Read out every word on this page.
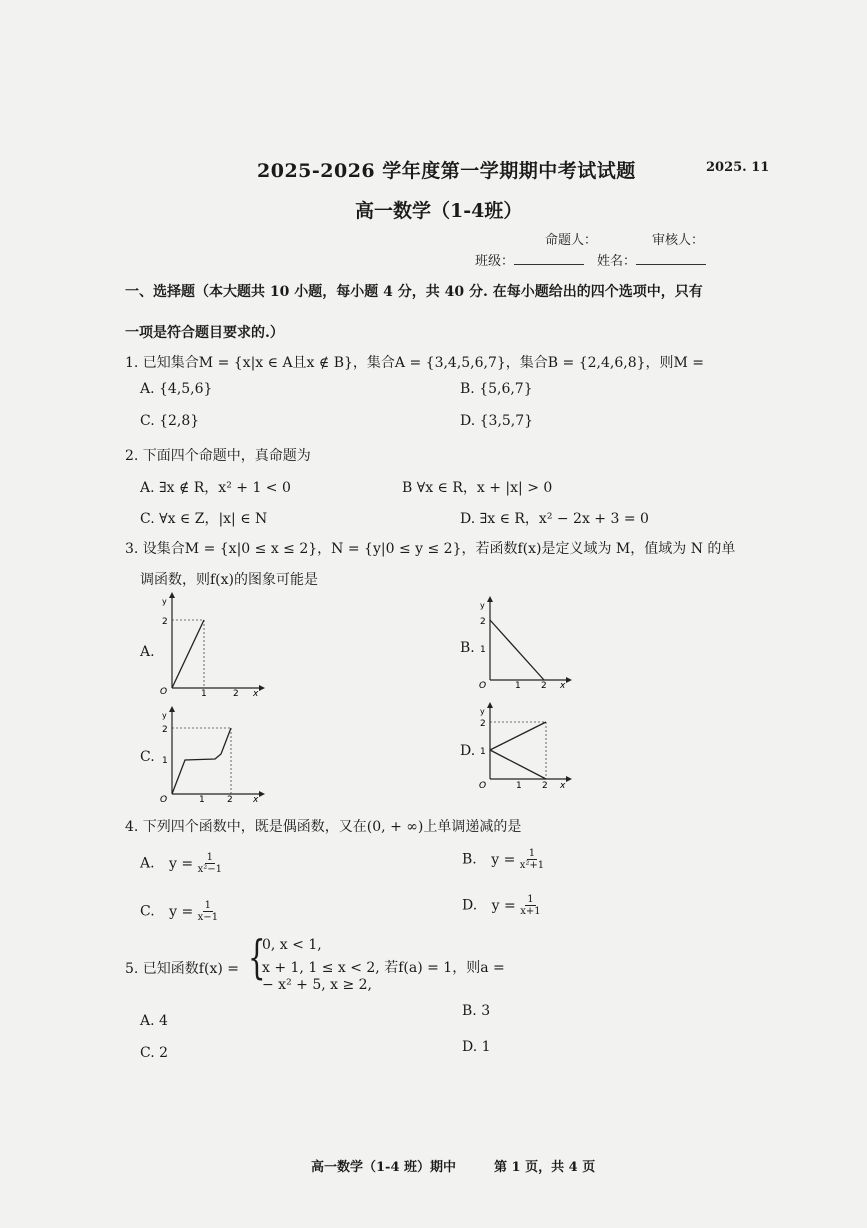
2025-2026 学年度第一学期期中考试试题	2025. 11
高一数学（1-4班）
命题人：	审核人：
班级：	姓名：
一、选择题（本大题共 10 小题，每小题 4 分，共 40 分. 在每小题给出的四个选项中，只有
一项是符合题目要求的.）
1. 已知集合M = {x|x ∈ A且x ∉ B}，集合A = {3,4,5,6,7}，集合B = {2,4,6,8}，则M =
A. {4,5,6}	B. {5,6,7}
C. {2,8}	D. {3,5,7}
2. 下面四个命题中，真命题为
A. ∃x ∉ R，x² + 1 < 0	B ∀x ∈ R，x + |x| > 0
C. ∀x ∈ Z，|x| ∈ N	D. ∃x ∈ R，x² − 2x + 3 = 0
3. 设集合M = {x|0 ≤ x ≤ 2}，N = {y|0 ≤ y ≤ 2}，若函数f(x)是定义域为 M，值域为 N 的单
调函数，则f(x)的图象可能是
A.
y
2
O	1	2 x
B.
y
2
1
O	1 2 x
C.
y
2
1
O	1 2 x
D.
y
2
1
O	1 2 x
4. 下列四个函数中，既是偶函数，又在(0, + ∞)上单调递减的是
A. $y = \frac{1}{\text{x²−1}}$	B. $y = \frac{1}{\text{x²+1}}$
C. $y = \frac{1}{x-1}$	D. $y = \frac{1}{x+1}$
5. 已知函数f(x) = {
0, x < 1,
x + 1, 1 ≤ x < 2, 若f(a) = 1，则a =
− x² + 5, x ≥ 2,
A. 4
B. 3
C. 2	D. 1
高一数学（1-4 班）期中	第 1 页，共 4 页
